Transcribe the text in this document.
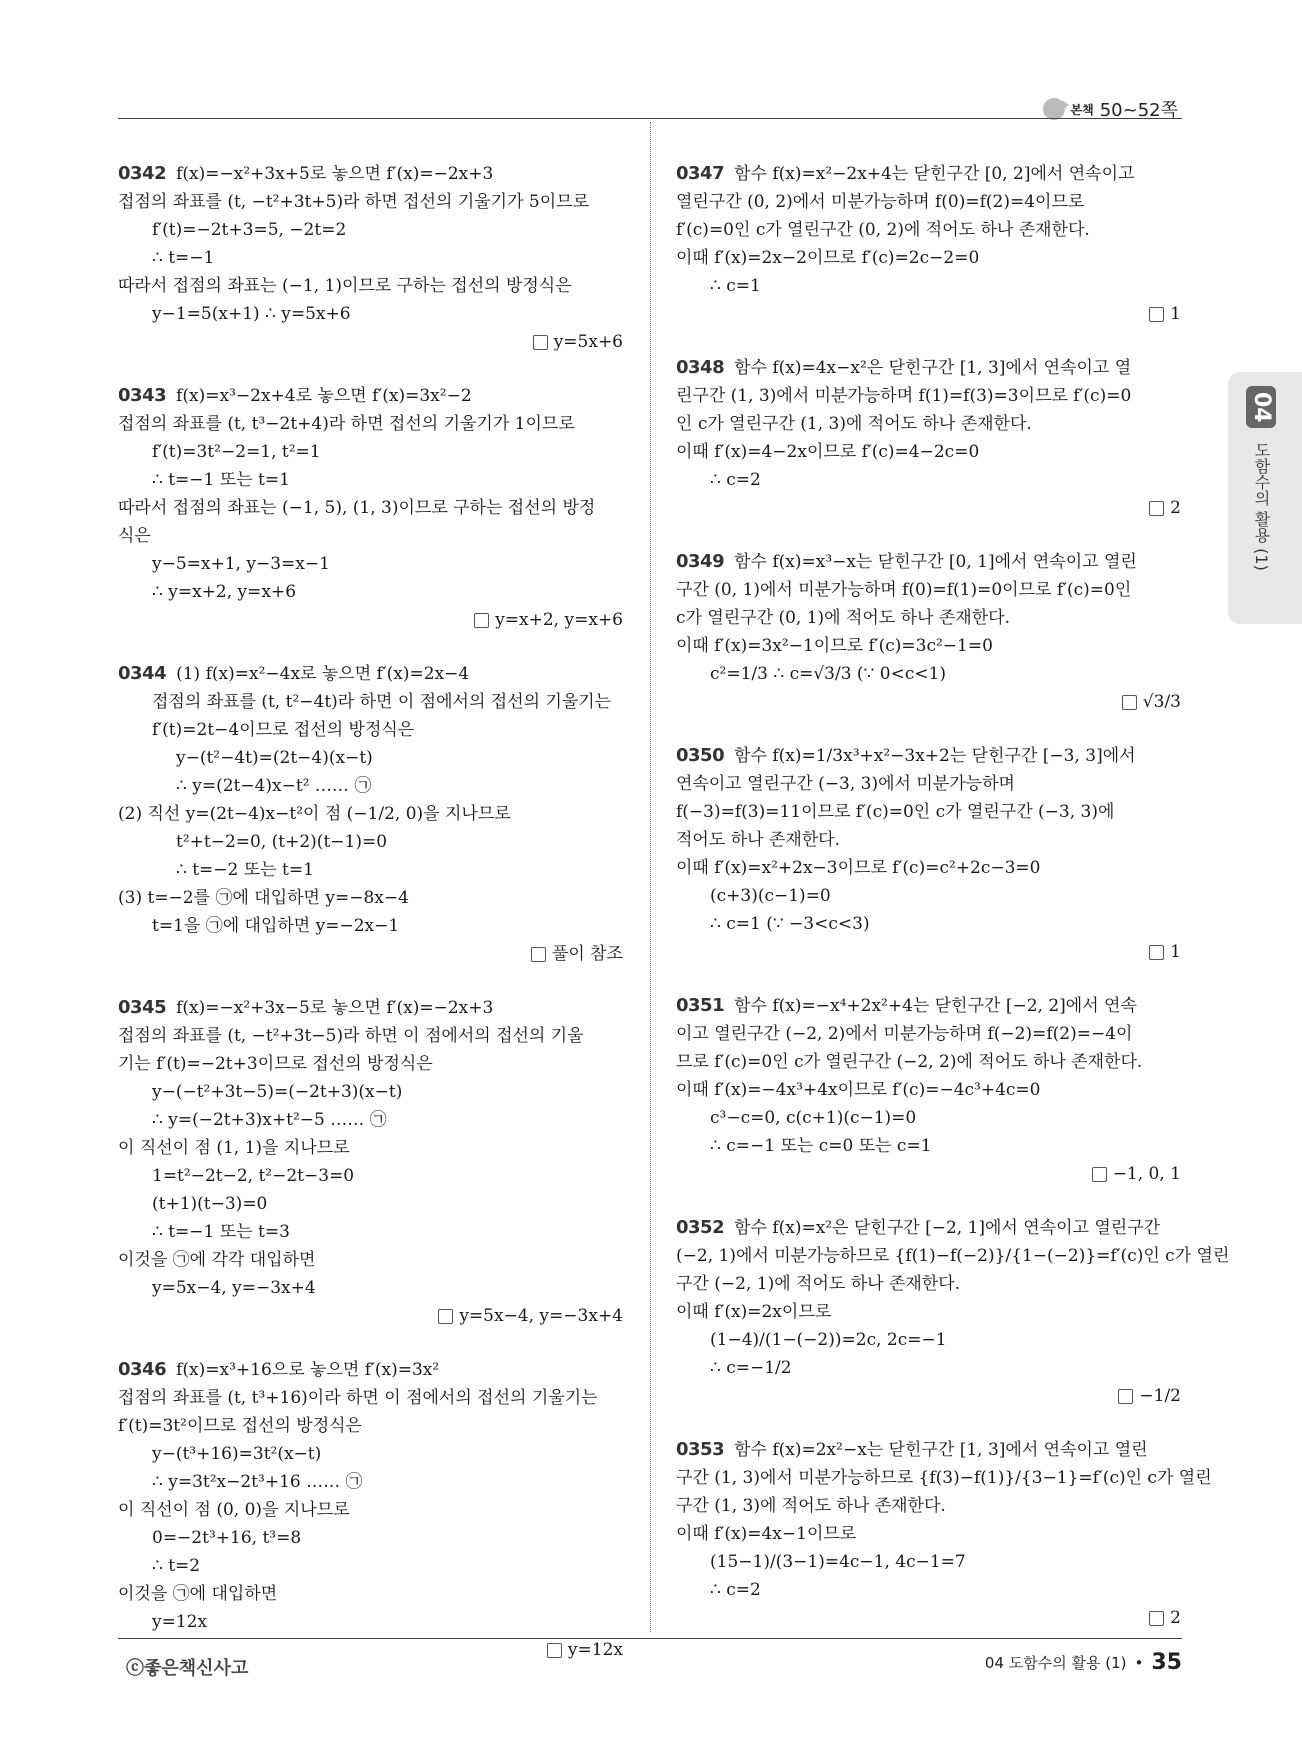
본책 50~52쪽
0342 f(x)=−x²+3x+5로 놓으면 f′(x)=−2x+3
접점의 좌표를 (t, −t²+3t+5)라 하면 접선의 기울기가 5이므로
f′(t)=−2t+3=5, −2t=2
∴ t=−1
따라서 접점의 좌표는 (−1, 1)이므로 구하는 접선의 방정식은
y−1=5(x+1) ∴ y=5x+6
y=5x+6
0343 f(x)=x³−2x+4로 놓으면 f′(x)=3x²−2
접점의 좌표를 (t, t³−2t+4)라 하면 접선의 기울기가 1이므로
f′(t)=3t²−2=1, t²=1
∴ t=−1 또는 t=1
따라서 접점의 좌표는 (−1, 5), (1, 3)이므로 구하는 접선의 방정
식은
y−5=x+1, y−3=x−1
∴ y=x+2, y=x+6
y=x+2, y=x+6
0344 (1) f(x)=x²−4x로 놓으면 f′(x)=2x−4
접점의 좌표를 (t, t²−4t)라 하면 이 점에서의 접선의 기울기는
f′(t)=2t−4이므로 접선의 방정식은
y−(t²−4t)=(2t−4)(x−t)
∴ y=(2t−4)x−t² …… ㉠
(2) 직선 y=(2t−4)x−t²이 점 (−1/2, 0)을 지나므로
t²+t−2=0, (t+2)(t−1)=0
∴ t=−2 또는 t=1
(3) t=−2를 ㉠에 대입하면 y=−8x−4
t=1을 ㉠에 대입하면 y=−2x−1
풀이 참조
0345 f(x)=−x²+3x−5로 놓으면 f′(x)=−2x+3
접점의 좌표를 (t, −t²+3t−5)라 하면 이 점에서의 접선의 기울
기는 f′(t)=−2t+3이므로 접선의 방정식은
y−(−t²+3t−5)=(−2t+3)(x−t)
∴ y=(−2t+3)x+t²−5 …… ㉠
이 직선이 점 (1, 1)을 지나므로
1=t²−2t−2, t²−2t−3=0
(t+1)(t−3)=0
∴ t=−1 또는 t=3
이것을 ㉠에 각각 대입하면
y=5x−4, y=−3x+4
y=5x−4, y=−3x+4
0346 f(x)=x³+16으로 놓으면 f′(x)=3x²
접점의 좌표를 (t, t³+16)이라 하면 이 점에서의 접선의 기울기는
f′(t)=3t²이므로 접선의 방정식은
y−(t³+16)=3t²(x−t)
∴ y=3t²x−2t³+16 …… ㉠
이 직선이 점 (0, 0)을 지나므로
0=−2t³+16, t³=8
∴ t=2
이것을 ㉠에 대입하면
y=12x
y=12x
0347 함수 f(x)=x²−2x+4는 닫힌구간 [0, 2]에서 연속이고
열린구간 (0, 2)에서 미분가능하며 f(0)=f(2)=4이므로
f′(c)=0인 c가 열린구간 (0, 2)에 적어도 하나 존재한다.
이때 f′(x)=2x−2이므로 f′(c)=2c−2=0
∴ c=1
1
0348 함수 f(x)=4x−x²은 닫힌구간 [1, 3]에서 연속이고 열
린구간 (1, 3)에서 미분가능하며 f(1)=f(3)=3이므로 f′(c)=0
인 c가 열린구간 (1, 3)에 적어도 하나 존재한다.
이때 f′(x)=4−2x이므로 f′(c)=4−2c=0
∴ c=2
2
0349 함수 f(x)=x³−x는 닫힌구간 [0, 1]에서 연속이고 열린
구간 (0, 1)에서 미분가능하며 f(0)=f(1)=0이므로 f′(c)=0인
c가 열린구간 (0, 1)에 적어도 하나 존재한다.
이때 f′(x)=3x²−1이므로 f′(c)=3c²−1=0
c²=1/3 ∴ c=√3/3 (∵ 0<c<1)
√3/3
0350 함수 f(x)=1/3x³+x²−3x+2는 닫힌구간 [−3, 3]에서
연속이고 열린구간 (−3, 3)에서 미분가능하며
f(−3)=f(3)=11이므로 f′(c)=0인 c가 열린구간 (−3, 3)에
적어도 하나 존재한다.
이때 f′(x)=x²+2x−3이므로 f′(c)=c²+2c−3=0
(c+3)(c−1)=0
∴ c=1 (∵ −3<c<3)
1
0351 함수 f(x)=−x⁴+2x²+4는 닫힌구간 [−2, 2]에서 연속
이고 열린구간 (−2, 2)에서 미분가능하며 f(−2)=f(2)=−4이
므로 f′(c)=0인 c가 열린구간 (−2, 2)에 적어도 하나 존재한다.
이때 f′(x)=−4x³+4x이므로 f′(c)=−4c³+4c=0
c³−c=0, c(c+1)(c−1)=0
∴ c=−1 또는 c=0 또는 c=1
−1, 0, 1
0352 함수 f(x)=x²은 닫힌구간 [−2, 1]에서 연속이고 열린구간
(−2, 1)에서 미분가능하므로 {f(1)−f(−2)}/{1−(−2)}=f′(c)인 c가 열린
구간 (−2, 1)에 적어도 하나 존재한다.
이때 f′(x)=2x이므로
(1−4)/(1−(−2))=2c, 2c=−1
∴ c=−1/2
−1/2
0353 함수 f(x)=2x²−x는 닫힌구간 [1, 3]에서 연속이고 열린
구간 (1, 3)에서 미분가능하므로 {f(3)−f(1)}/{3−1}=f′(c)인 c가 열린
구간 (1, 3)에 적어도 하나 존재한다.
이때 f′(x)=4x−1이므로
(15−1)/(3−1)=4c−1, 4c−1=7
∴ c=2
2
04
도함수의 활용 (1)
ⓒ좋은책신사고	04 도함수의 활용 (1) • 35
